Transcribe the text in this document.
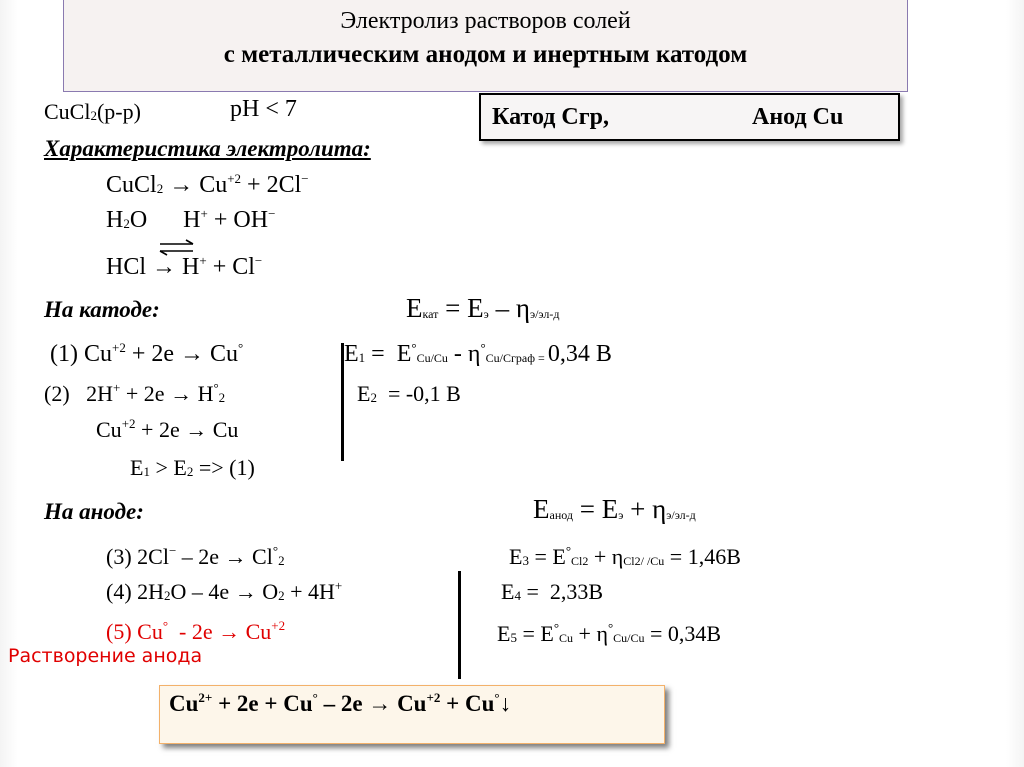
Электролиз растворов солей
с металлическим анодом и инертным катодом
CuCl$_2$(р-р)	pH < 7	Катод Сгр,	Анод Cu
Характеристика электролита:
CuCl$_2$ → $Cu^{+2} + 2Cl^-$
$H_2O$      H+ + OH−
HCl → H+ + Cl−
На катоде:	Eкат = Eэ – ηэ/эл-д
(1) $Cu^{+2} + 2е \to Cu^\circ$	$E_1 = E^\circ Cu/Cu$ - η°Cu/Сграф = 0,34 В
(2)   $2H^+ + 2е \to H^\circ_2$	$E_2 = -0,1$ В
$Cu^{+2} + 2е \to Cu$
$E_1 > E_2 => (1)$
На аноде:	Eанод = Eэ + ηэ/эл-д
(3) $2Cl^- - 2е \to Cl^\circ_2$	$E_3 = E^\circ Cl2 + \eta Cl2/$ /Cu = 1,46В
(4) $2H_2O - 4е \to O_2 + 4H^+$	$E_4 = 2,33В$
(5) $Cu^\circ - 2е \to Cu^{+2}$	$E_5 = E^\circ Cu + \eta^\circ Cu/Cu = 0,34В$
Растворение анода
$Cu^{2+} + 2e + Cu^\circ - 2e \to Cu^{+2}$ + Cu°↓
